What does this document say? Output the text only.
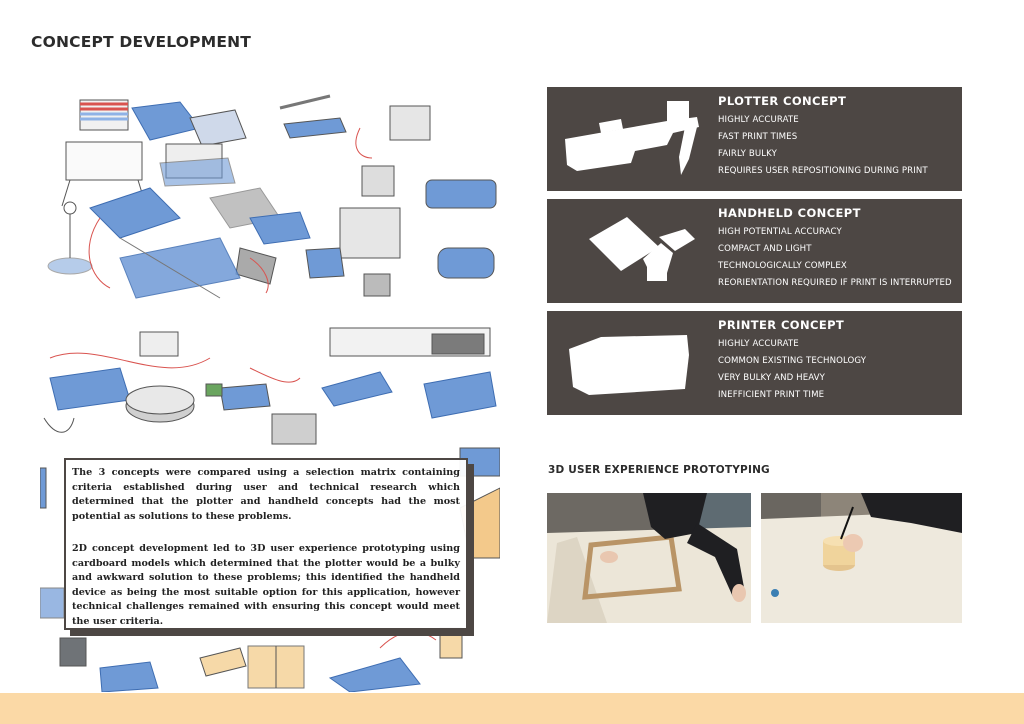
CONCEPT DEVELOPMENT

The 3 concepts were compared using a selection matrix containing criteria established during user and technical research which determined that the plotter and handheld concepts had the most potential as solutions to these problems.

2D concept development led to 3D user experience prototyping using cardboard models which determined that the plotter would be a bulky and awkward solution to these problems; this identified the handheld device as being the most suitable option for this application, however technical challenges remained with ensuring this concept would meet the user criteria.

PLOTTER CONCEPT
HIGHLY ACCURATE
FAST PRINT TIMES
FAIRLY BULKY
REQUIRES USER REPOSITIONING DURING PRINT
HANDHELD CONCEPT
HIGH POTENTIAL ACCURACY
COMPACT AND LIGHT
TECHNOLOGICALLY COMPLEX
REORIENTATION REQUIRED IF PRINT IS INTERRUPTED
PRINTER CONCEPT
HIGHLY ACCURATE
COMMON EXISTING TECHNOLOGY
VERY BULKY AND HEAVY
INEFFICIENT PRINT TIME
3D USER EXPERIENCE PROTOTYPING
